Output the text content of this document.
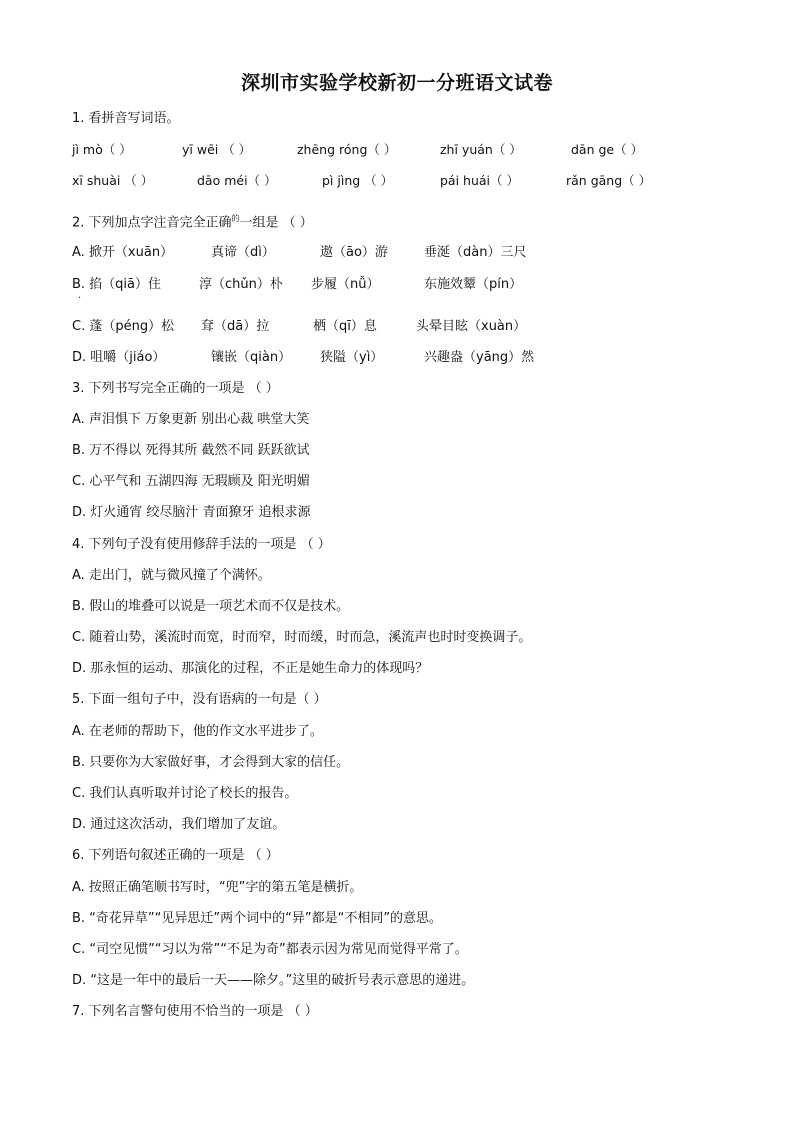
深圳市实验学校新初一分班语文试卷
1. 看拼音写词语。
jì mò（ ）	yī wēi （ ）	zhēng róng（ ）	zhī yuán（ ）	dān ge（ ）
xī shuài （ ）	dāo méi（ ）	pì jìng （ ）	pái huái（ ）	rǎn gāng（ ）
2. 下列加点字注音完全正确$^的$一组是 （ ）
A. 掀开（xuān）	真谛（dì）	遨（āo）游	垂涎（dàn）三尺
B. 掐（qiā）住	淳（chǔn）朴 步履（nǚ）	东施效颦（pín）
·
C. 蓬（péng）松 耷（dā）拉	栖（qī）息	头晕目眩（xuàn）
D. 咀嚼（jiáo）	镶嵌（qiàn） 狭隘（yì）	兴趣盎（yāng）然
3. 下列书写完全正确的一项是 （ ）
A. 声泪惧下 万象更新 别出心裁 哄堂大笑
B. 万不得以 死得其所 截然不同 跃跃欲试
C. 心平气和 五湖四海 无瑕顾及 阳光明媚
D. 灯火通宵 绞尽脑汁 青面獠牙 追根求源
4. 下列句子没有使用修辞手法的一项是 （ ）
A. 走出门，就与微风撞了个满怀。
B. 假山的堆叠可以说是一项艺术而不仅是技术。
C. 随着山势，溪流时而宽，时而窄，时而缓，时而急，溪流声也时时变换调子。
D. 那永恒的运动、那演化的过程，不正是她生命力的体现吗？
5. 下面一组句子中，没有语病的一句是（ ）
A. 在老师的帮助下，他的作文水平进步了。
B. 只要你为大家做好事，才会得到大家的信任。
C. 我们认真听取并讨论了校长的报告。
D. 通过这次活动，我们增加了友谊。
6. 下列语句叙述正确的一项是 （ ）
A. 按照正确笔顺书写时，“兜”字的第五笔是横折。
B. “奇花异草”“见异思迁”两个词中的“异”都是“不相同”的意思。
C. “司空见惯”“习以为常”“不足为奇”都表示因为常见而觉得平常了。
D. “这是一年中的最后一天——除夕。”这里的破折号表示意思的递进。
7. 下列名言警句使用不恰当的一项是 （ ）
